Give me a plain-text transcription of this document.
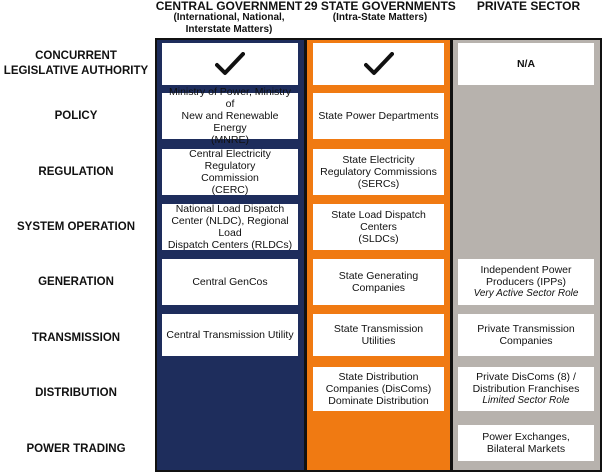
CENTRAL GOVERNMENT
(International, National,
Interstate Matters)
29 STATE GOVERNMENTS
(Intra-State Matters)
PRIVATE SECTOR
CONCURRENT
LEGISLATIVE AUTHORITY
POLICY
REGULATION
SYSTEM OPERATION
GENERATION
TRANSMISSION
DISTRIBUTION
POWER TRADING
N/A
Ministry of Power, Ministry of
New and Renewable Energy
(MNRE)
State Power Departments
Central Electricity Regulatory
Commission
(CERC)
State Electricity
Regulatory Commissions
(SERCs)
National Load Dispatch
Center (NLDC), Regional Load
Dispatch Centers (RLDCs)
State Load Dispatch
Centers
(SLDCs)
Central GenCos	State Generating
Companies
Independent Power
Producers (IPPs)
Very Active Sector Role
Central Transmission Utility	State Transmission
Utilities
Private Transmission
Companies
State Distribution
Companies (DisComs)
Dominate Distribution
Private DisComs (8) /
Distribution Franchises
Limited Sector Role
Power Exchanges,
Bilateral Markets
